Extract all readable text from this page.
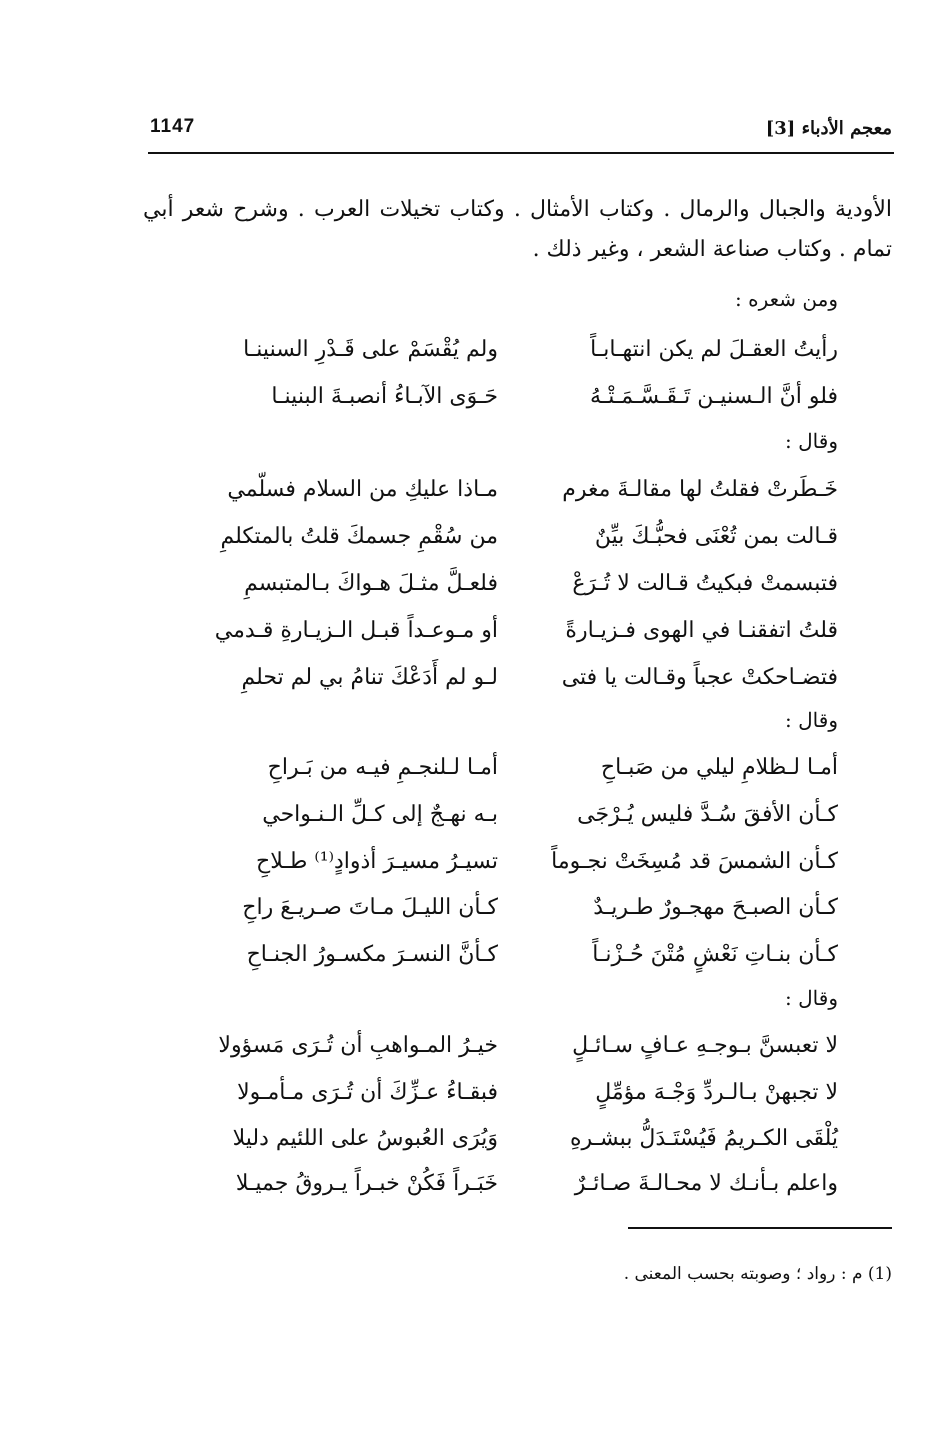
معجم الأدباء [3]
1147

الأودية والجبال والرمال . وكتاب الأمثال . وكتاب تخيلات العرب . وشرح شعر أبي تمام . وكتاب صناعة الشعر ، وغير ذلك .

ومن شعره :
رأيتُ العقـلَ لم يكن انتهـابـاً
ولم يُقْسَمْ على قَـدْرِ السنينـا
فلو أنَّ الـسنيـن تَـقَـسَّـمَـتْـهُ
حَـوَى الآبـاءُ أنصبـةَ البنينـا
وقال :
خَـطَرتْ فقلتُ لها مقالـةَ مغرم
مـاذا عليكِ من السلام فسلّمي
قـالت بمن تُعْنَى فحبُّـكَ بيِّنٌ
من سُقْمِ جسمكَ قلتُ بالمتكلمِ
فتبسمتْ فبكيتُ قـالت لا تُـرَعْ
فلعـلَّ مثـلَ هـواكَ بـالمتبسمِ
قلتُ اتفقنـا في الهوى فـزيـارةً
أو مـوعـداً قبـل الـزيـارةِ قـدمي
فتضـاحكتْ عجباً وقـالت يا فتى
لـو لم أَدَعْكَ تنامُ بي لم تحلمِ
وقال :
أمـا لـظلامِ ليلي من صَبـاحِ
أمـا لـلنجـمِ فيـه من بَـراحِ
كـأن الأفقَ سُـدَّ فليس يُـرْجَى
بـه نهـجٌ إلى كـلِّ الـنـواحي
كـأن الشمسَ قد مُسِخَتْ نجـوماً
تسيـرُ مسيـرَ أذوادٍ⁽¹⁾ طـلاحِ
كـأن الصبـحَ مهجـورٌ طـريـدٌ
كـأن الليـلَ مـاتَ صـريـعَ راحِ
كـأن بنـاتِ نَعْشٍ مُتْنَ حُـزْنـاً
كـأنَّ النسـرَ مكسـورُ الجنـاحِ
وقال :
لا تعبسنَّ بـوجـهِ عـافٍ سـائـلٍ
خيـرُ المـواهبِ أن تُـرَى مَسؤولا
لا تجبهنْ بـالـردِّ وَجْـهَ مؤمِّلٍ
فبقـاءُ عـزِّكَ أن تُـرَى مـأمـولا
يُلْقَى الكـريمُ فَيُسْتَـدَلُّ ببشـرهِ
وَيُرَى العُبوسُ على اللئيم دليلا
واعلم بـأنـك لا محـالـةَ صـائـرٌ
خَبَـراً فَكُنْ خبـراً يـروقُ جميـلا
(1) م : رواد ؛ وصوبته بحسب المعنى .
